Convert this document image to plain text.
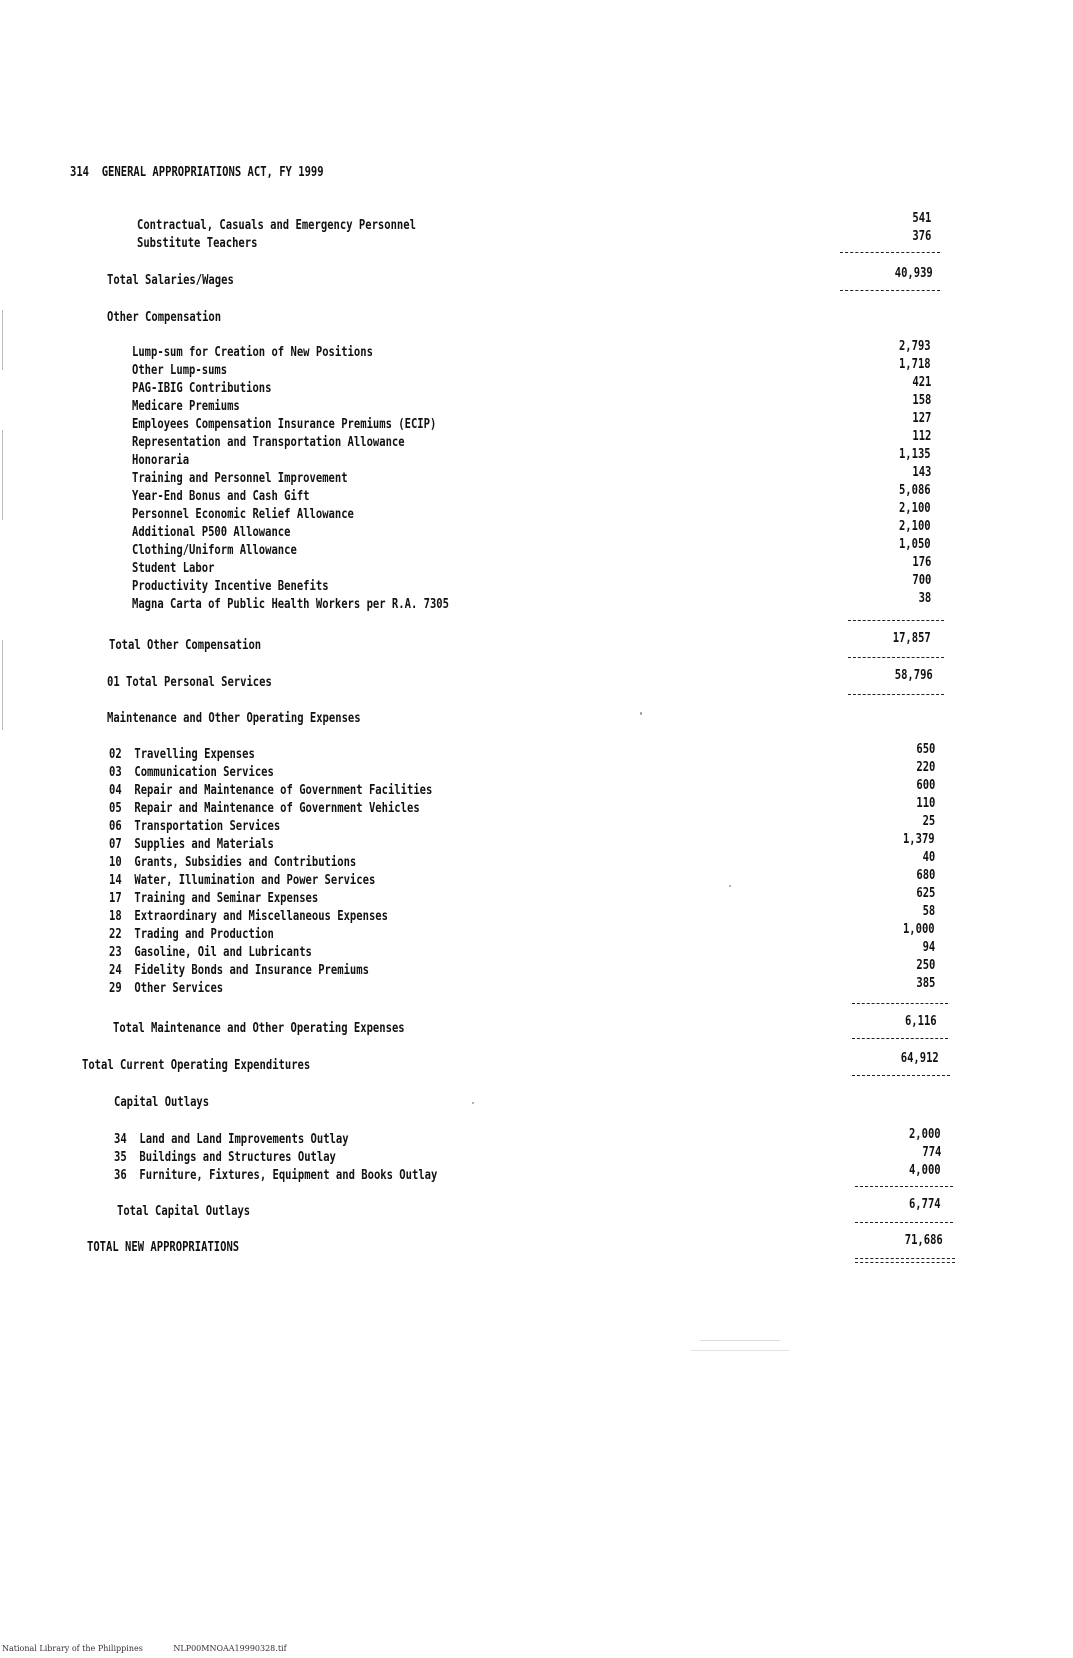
314 GENERAL APPROPRIATIONS ACT, FY 1999
Contractual, Casuals and Emergency Personnel	541
Substitute Teachers	376
Total Salaries/Wages	40,939
Other Compensation
Lump-sum for Creation of New Positions	2,793
Other Lump-sums	1,718
PAG-IBIG Contributions	421
Medicare Premiums	158
Employees Compensation Insurance Premiums (ECIP)	127
Representation and Transportation Allowance	112
Honoraria	1,135
Training and Personnel Improvement	143
Year-End Bonus and Cash Gift	5,086
Personnel Economic Relief Allowance	2,100
Additional P500 Allowance	2,100
Clothing/Uniform Allowance	1,050
Student Labor	176
Productivity Incentive Benefits	700
Magna Carta of Public Health Workers per R.A. 7305	38
Total Other Compensation	17,857
01 Total Personal Services	58,796
Maintenance and Other Operating Expenses
02 Travelling Expenses	650
03 Communication Services	220
04 Repair and Maintenance of Government Facilities	600
05 Repair and Maintenance of Government Vehicles	110
06 Transportation Services	25
07 Supplies and Materials	1,379
10 Grants, Subsidies and Contributions	40
14 Water, Illumination and Power Services	680
17 Training and Seminar Expenses	625
18 Extraordinary and Miscellaneous Expenses	58
22 Trading and Production	1,000
23 Gasoline, Oil and Lubricants	94
24 Fidelity Bonds and Insurance Premiums	250
29 Other Services	385
Total Maintenance and Other Operating Expenses	6,116
Total Current Operating Expenditures	64,912
Capital Outlays
34 Land and Land Improvements Outlay	2,000
35 Buildings and Structures Outlay	774
36 Furniture, Fixtures, Equipment and Books Outlay	4,000
Total Capital Outlays	6,774
TOTAL NEW APPROPRIATIONS	71,686
National Library of the Philippines	NLP00MNOAA19990328.tif
